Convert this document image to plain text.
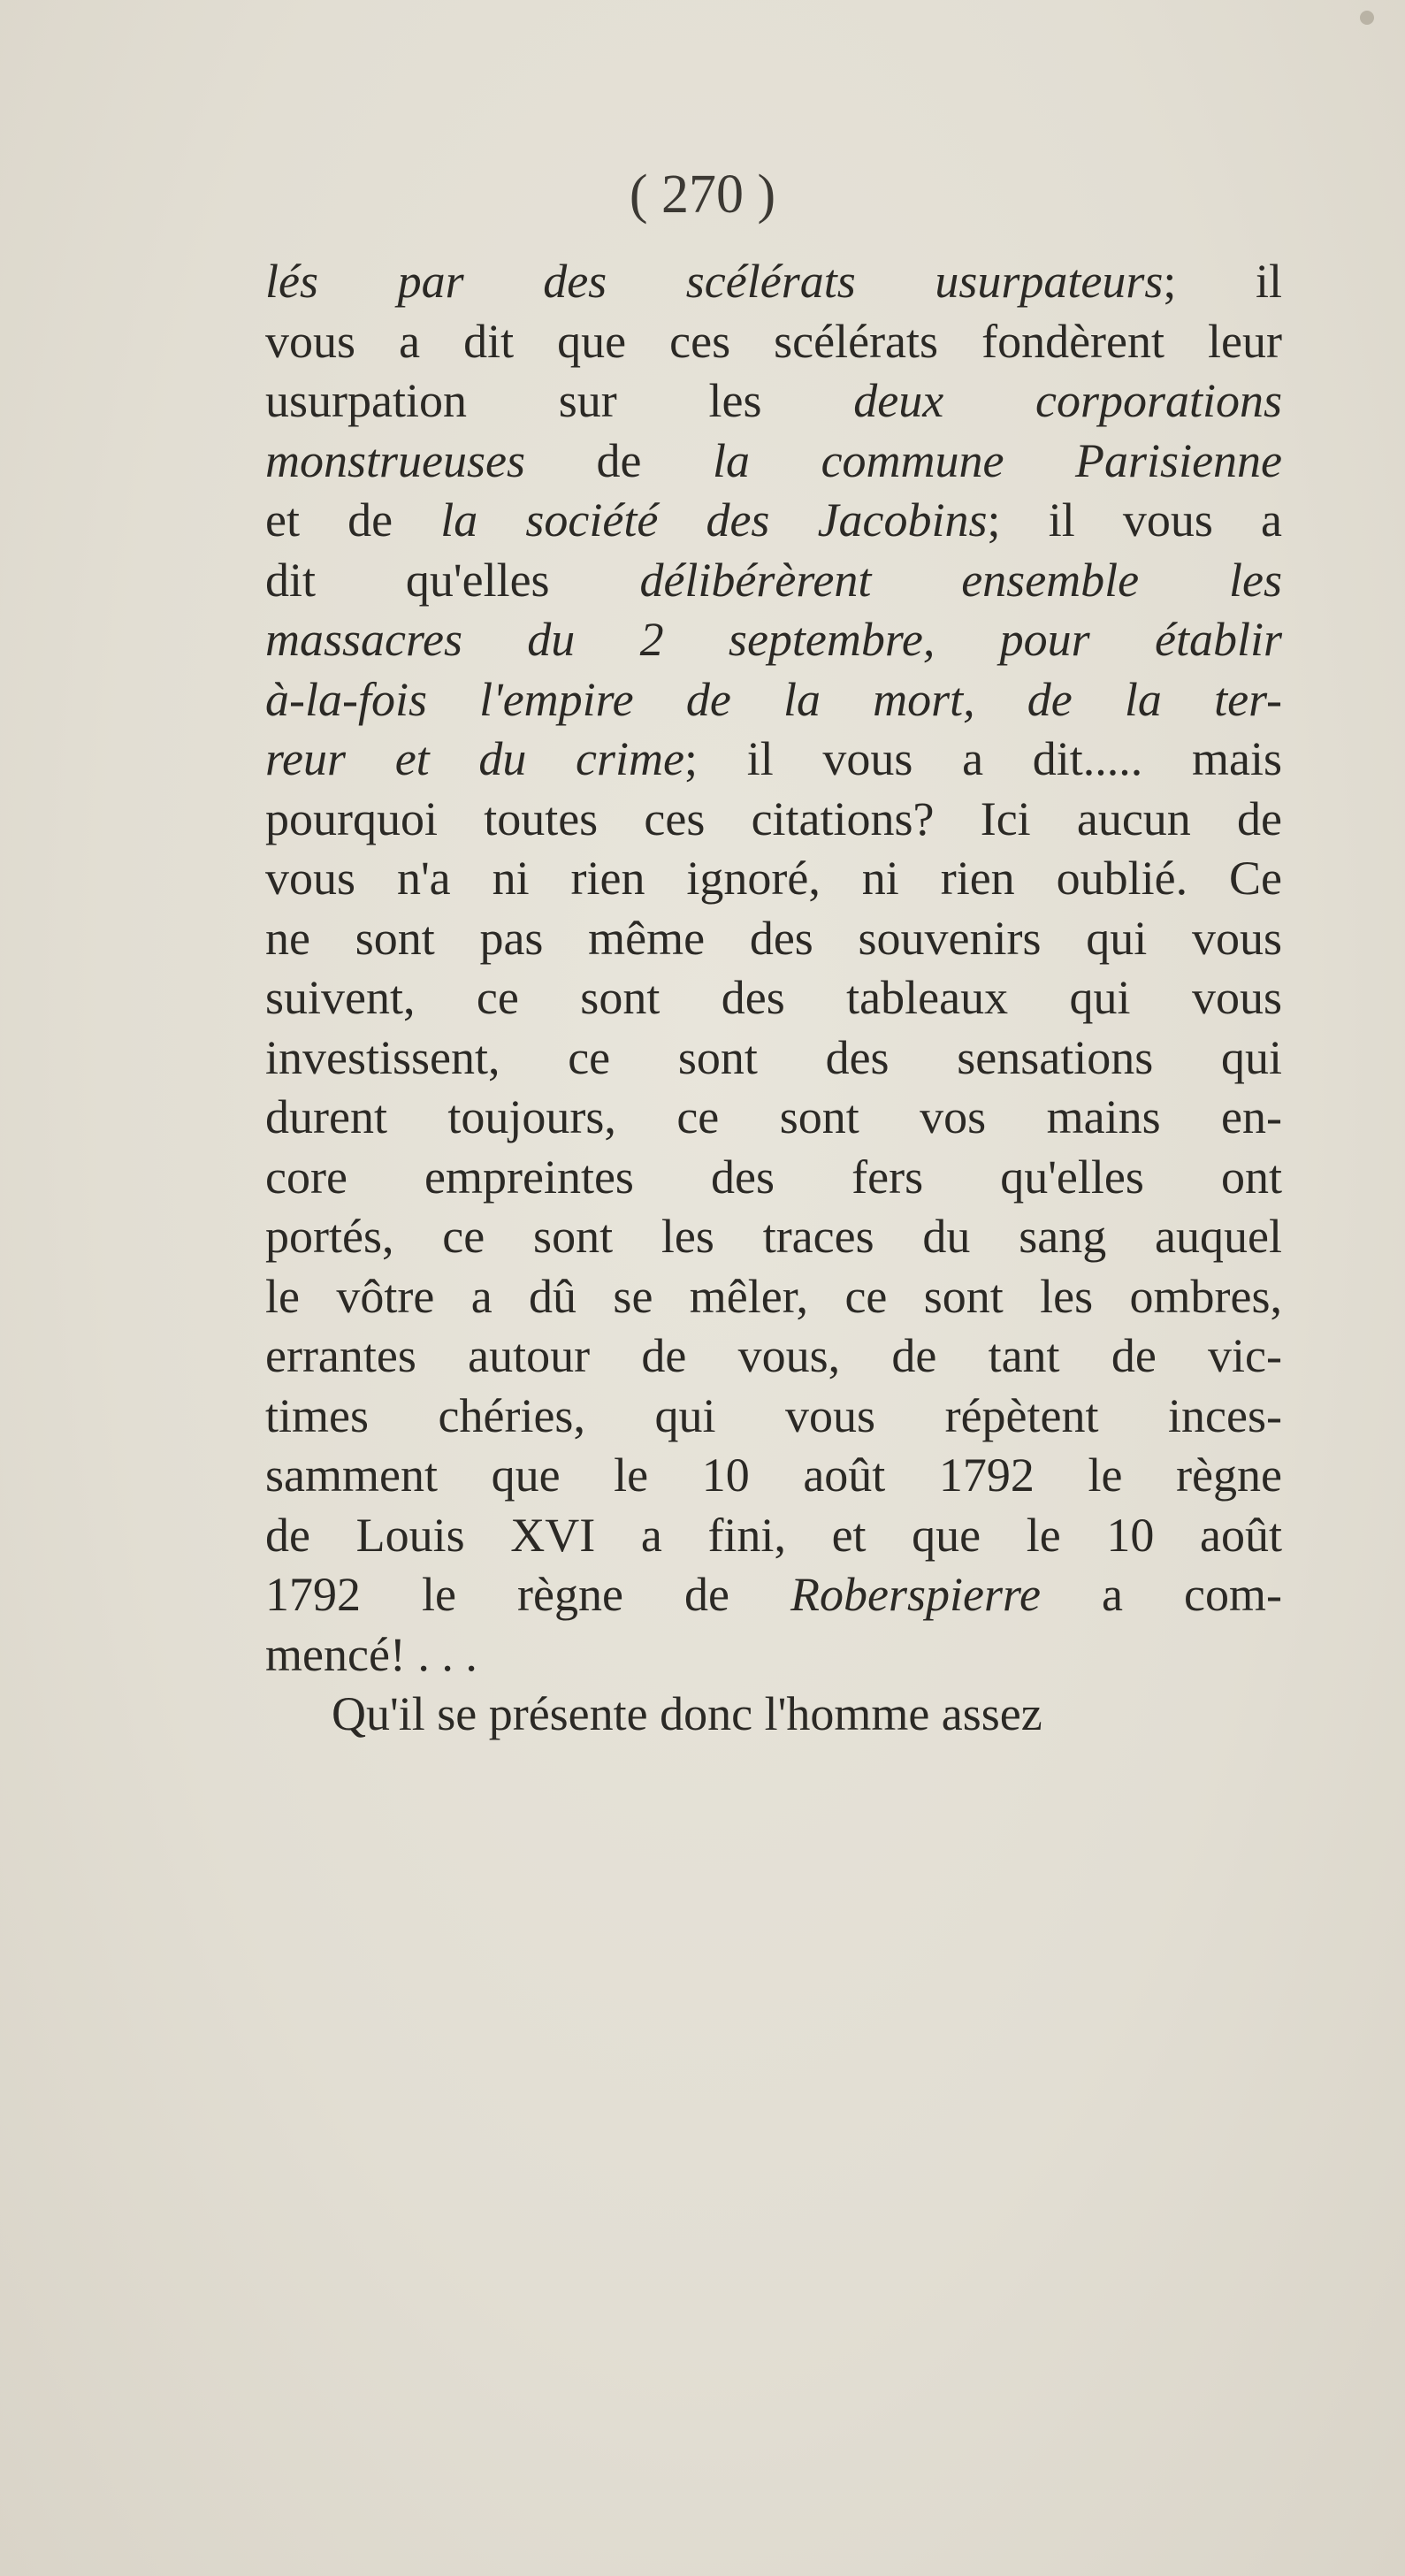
( 270 )

lés par des scélérats usurpateurs; il
vous a dit que ces scélérats fondèrent leur
usurpation sur les deux corporations
monstrueuses de la commune Parisienne
et de la société des Jacobins; il vous a
dit qu'elles délibérèrent ensemble les
massacres du 2 septembre, pour établir
à-la-fois l'empire de la mort, de la ter-
reur et du crime; il vous a dit..... mais
pourquoi toutes ces citations? Ici aucun de
vous n'a ni rien ignoré, ni rien oublié. Ce
ne sont pas même des souvenirs qui vous
suivent, ce sont des tableaux qui vous
investissent, ce sont des sensations qui
durent toujours, ce sont vos mains en-
core empreintes des fers qu'elles ont
portés, ce sont les traces du sang auquel
le vôtre a dû se mêler, ce sont les ombres,
errantes autour de vous, de tant de vic-
times chéries, qui vous répètent inces-
samment que le 10 août 1792 le règne
de Louis XVI a fini, et que le 10 août
1792 le règne de Roberspierre a com-
mencé! . . .
Qu'il se présente donc l'homme assez
